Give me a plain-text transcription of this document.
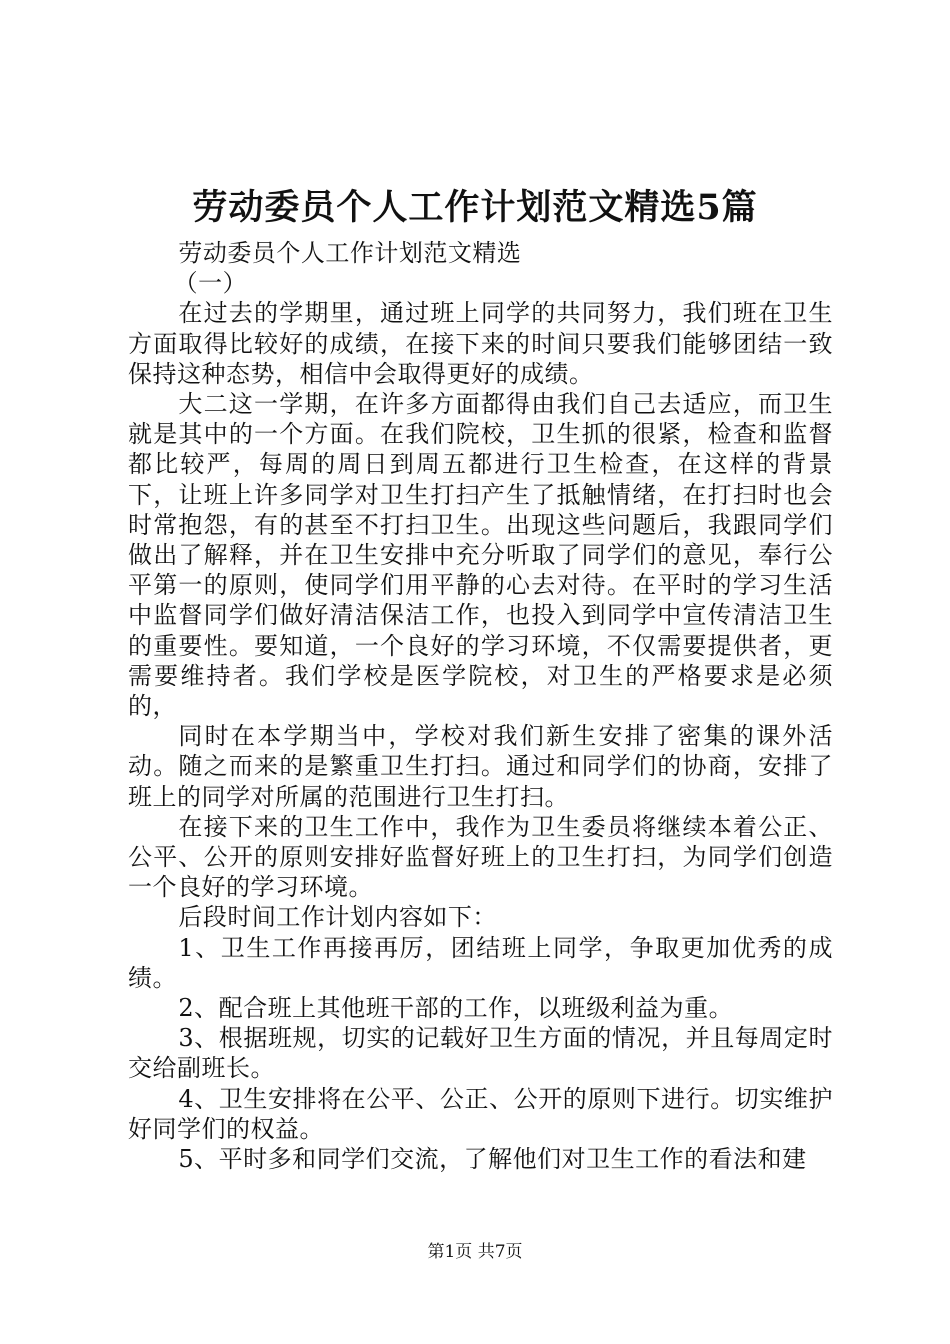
劳动委员个人工作计划范文精选5篇

劳动委员个人工作计划范文精选

（一）

在过去的学期里，通过班上同学的共同努力，我们班在卫生方面取得比较好的成绩，在接下来的时间只要我们能够团结一致保持这种态势，相信中会取得更好的成绩。

大二这一学期，在许多方面都得由我们自己去适应，而卫生就是其中的一个方面。在我们院校，卫生抓的很紧，检查和监督都比较严，每周的周日到周五都进行卫生检查，在这样的背景下，让班上许多同学对卫生打扫产生了抵触情绪，在打扫时也会时常抱怨，有的甚至不打扫卫生。出现这些问题后，我跟同学们做出了解释，并在卫生安排中充分听取了同学们的意见，奉行公平第一的原则，使同学们用平静的心去对待。在平时的学习生活中监督同学们做好清洁保洁工作，也投入到同学中宣传清洁卫生的重要性。要知道，一个良好的学习环境，不仅需要提供者，更需要维持者。我们学校是医学院校，对卫生的严格要求是必须的，

同时在本学期当中，学校对我们新生安排了密集的课外活动。随之而来的是繁重卫生打扫。通过和同学们的协商，安排了班上的同学对所属的范围进行卫生打扫。

在接下来的卫生工作中，我作为卫生委员将继续本着公正、公平、公开的原则安排好监督好班上的卫生打扫，为同学们创造一个良好的学习环境。

后段时间工作计划内容如下：

1、卫生工作再接再厉，团结班上同学，争取更加优秀的成绩。

2、配合班上其他班干部的工作，以班级利益为重。

3、根据班规，切实的记载好卫生方面的情况，并且每周定时交给副班长。

4、卫生安排将在公平、公正、公开的原则下进行。切实维护好同学们的权益。

5、平时多和同学们交流，了解他们对卫生工作的看法和建

第1页 共7页
